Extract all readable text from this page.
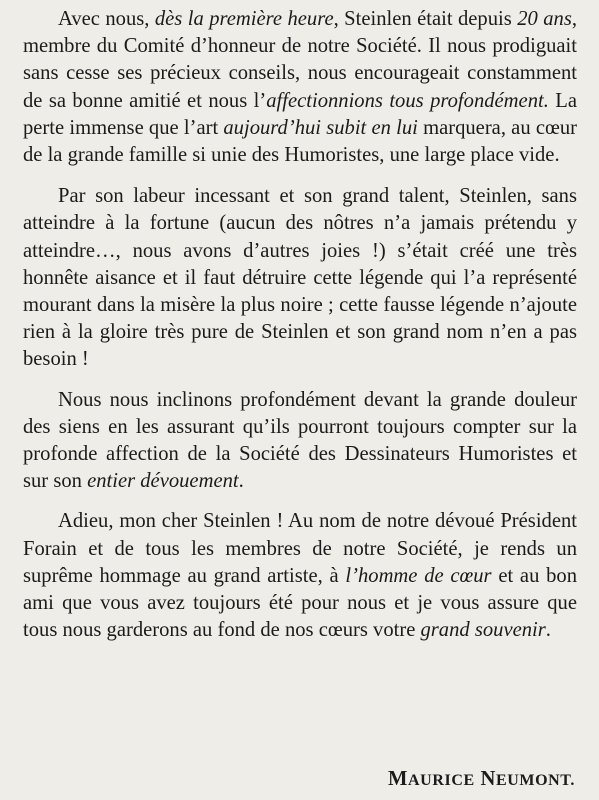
Avec nous, dès la première heure, Steinlen était depuis 20 ans, membre du Comité d’honneur de notre Société. Il nous prodiguait sans cesse ses précieux conseils, nous encourageait constamment de sa bonne amitié et nous l’affectionnions tous profondément. La perte immense que l’art aujourd’hui subit en lui marquera, au cœur de la grande famille si unie des Humoristes, une large place vide.

Par son labeur incessant et son grand talent, Steinlen, sans atteindre à la fortune (aucun des nôtres n’a jamais prétendu y atteindre…, nous avons d’autres joies !) s’était créé une très honnête aisance et il faut détruire cette légende qui l’a représenté mourant dans la misère la plus noire ; cette fausse légende n’ajoute rien à la gloire très pure de Steinlen et son grand nom n’en a pas besoin !

Nous nous inclinons profondément devant la grande douleur des siens en les assurant qu’ils pourront toujours compter sur la profonde affection de la Société des Dessinateurs Humoristes et sur son entier dévouement.

Adieu, mon cher Steinlen ! Au nom de notre dévoué Président Forain et de tous les membres de notre Société, je rends un suprême hommage au grand artiste, à l’homme de cœur et au bon ami que vous avez toujours été pour nous et je vous assure que tous nous garderons au fond de nos cœurs votre grand souvenir.

MAURICE NEUMONT.
